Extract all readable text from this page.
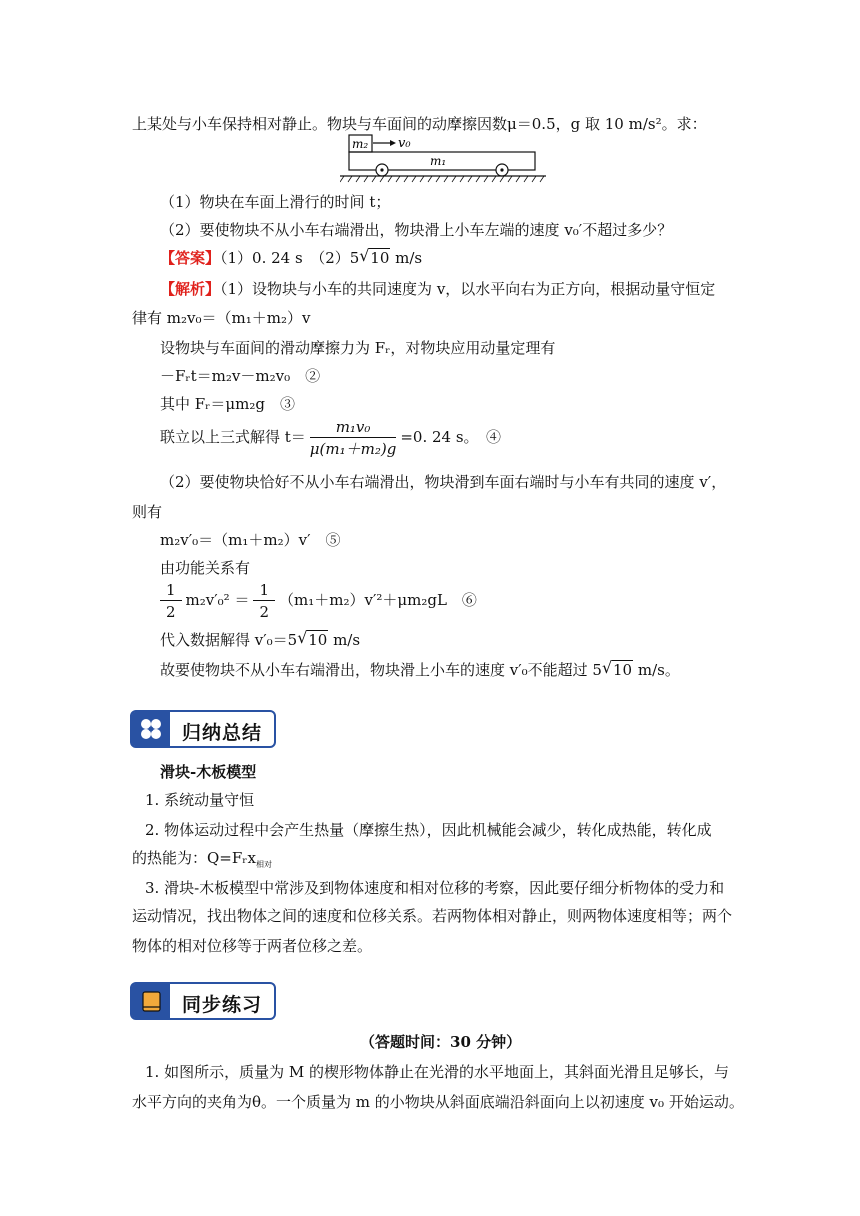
上某处与小车保持相对静止。物块与车面间的动摩擦因数μ＝0.5，g 取 10 m/s²。求：
m₂ v₀
m₁
（1）物块在车面上滑行的时间 t；
（2）要使物块不从小车右端滑出，物块滑上小车左端的速度 v₀′不超过多少？
【答案】（1）0. 24 s　（2）5 √ 10 m/s
【解析】（1）设物块与小车的共同速度为 v，以水平向右为正方向，根据动量守恒定
律有 m₂v₀＝（m₁＋m₂）v
设物块与车面间的滑动摩擦力为 Fᵣ，对物块应用动量定理有
－Fᵣt＝m₂v－m₂v₀　②
其中 Fᵣ＝μm₂g　③
联立以上三式解得 $t= \frac{\text{m₁v₀}}{\text{μ(m₁＋m₂)g}} =0$. 24 s。　④
（2）要使物块恰好不从小车右端滑出，物块滑到车面右端时与小车有共同的速度 v′，
则有
m₂v′₀＝（m₁＋m₂）v′　⑤
由功能关系有
$\frac{1}{2} m_2v'_0^2 = \frac{1}{2} (m_1+m_2)v'^2+\mu m_2gL$　⑥
代入数据解得 v′₀＝5 √ 10 m/s
故要使物块不从小车右端滑出，物块滑上小车的速度 v′₀不能超过 5 √ 10 m/s。
归纳总结
滑块-木板模型
1. 系统动量守恒
2. 物体运动过程中会产生热量（摩擦生热），因此机械能会减少，转化成热能，转化成
的热能为：Q=Fᵣx$_{相对}$
3. 滑块-木板模型中常涉及到物体速度和相对位移的考察，因此要仔细分析物体的受力和
运动情况，找出物体之间的速度和位移关系。若两物体相对静止，则两物体速度相等；两个
物体的相对位移等于两者位移之差。
同步练习
（答题时间：30 分钟）
1. 如图所示，质量为 M 的楔形物体静止在光滑的水平地面上，其斜面光滑且足够长，与
水平方向的夹角为θ。一个质量为 m 的小物块从斜面底端沿斜面向上以初速度 v₀ 开始运动。
